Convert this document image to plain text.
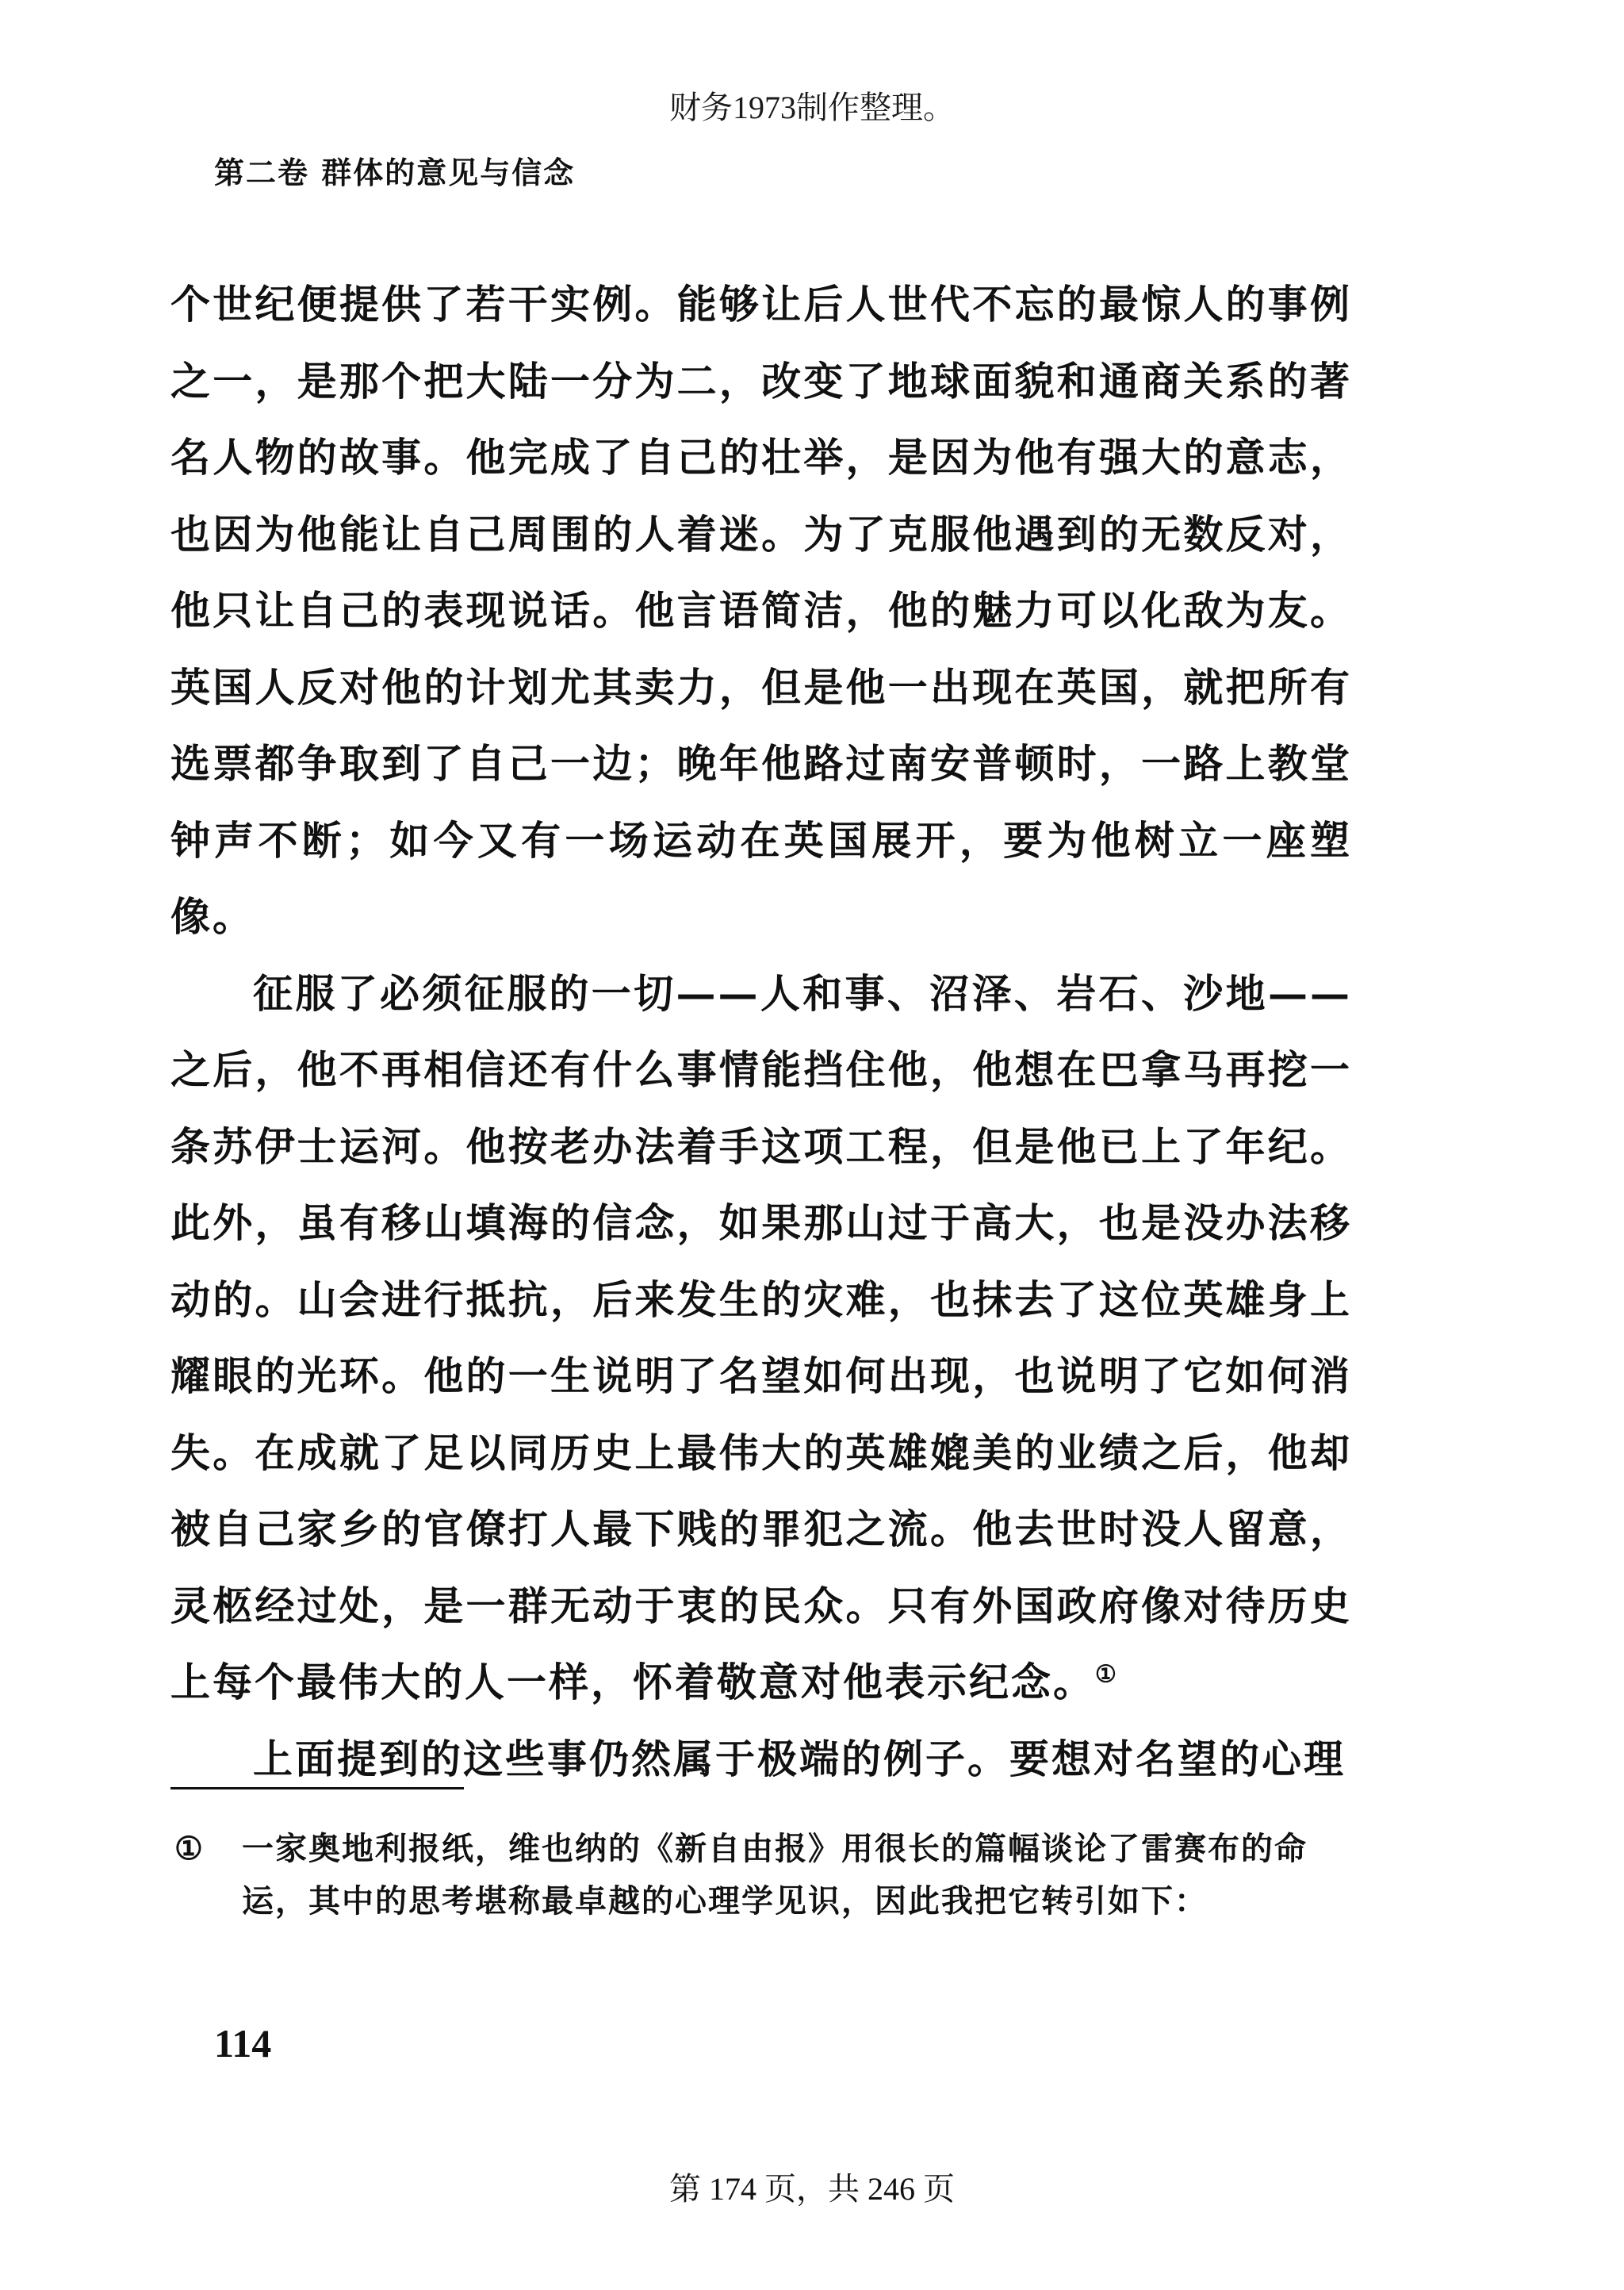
财务1973制作整理。
第二卷 群体的意见与信念

个世纪便提供了若干实例。能够让后人世代不忘的最惊人的事例之一，是那个把大陆一分为二，改变了地球面貌和通商关系的著名人物的故事。他完成了自己的壮举，是因为他有强大的意志，也因为他能让自己周围的人着迷。为了克服他遇到的无数反对，他只让自己的表现说话。他言语简洁，他的魅力可以化敌为友。英国人反对他的计划尤其卖力，但是他一出现在英国，就把所有选票都争取到了自己一边；晚年他路过南安普顿时，一路上教堂钟声不断；如今又有一场运动在英国展开，要为他树立一座塑像。

征服了必须征服的一切——人和事、沼泽、岩石、沙地——之后，他不再相信还有什么事情能挡住他，他想在巴拿马再挖一条苏伊士运河。他按老办法着手这项工程，但是他已上了年纪。此外，虽有移山填海的信念，如果那山过于高大，也是没办法移动的。山会进行抵抗，后来发生的灾难，也抹去了这位英雄身上耀眼的光环。他的一生说明了名望如何出现，也说明了它如何消失。在成就了足以同历史上最伟大的英雄媲美的业绩之后，他却被自己家乡的官僚打人最下贱的罪犯之流。他去世时没人留意，灵柩经过处，是一群无动于衷的民众。只有外国政府像对待历史上每个最伟大的人一样，怀着敬意对他表示纪念。①

上面提到的这些事仍然属于极端的例子。要想对名望的心理

① 一家奥地利报纸，维也纳的《新自由报》用很长的篇幅谈论了雷赛布的命运，其中的思考堪称最卓越的心理学见识，因此我把它转引如下：

114
第 174 页，共 246 页
